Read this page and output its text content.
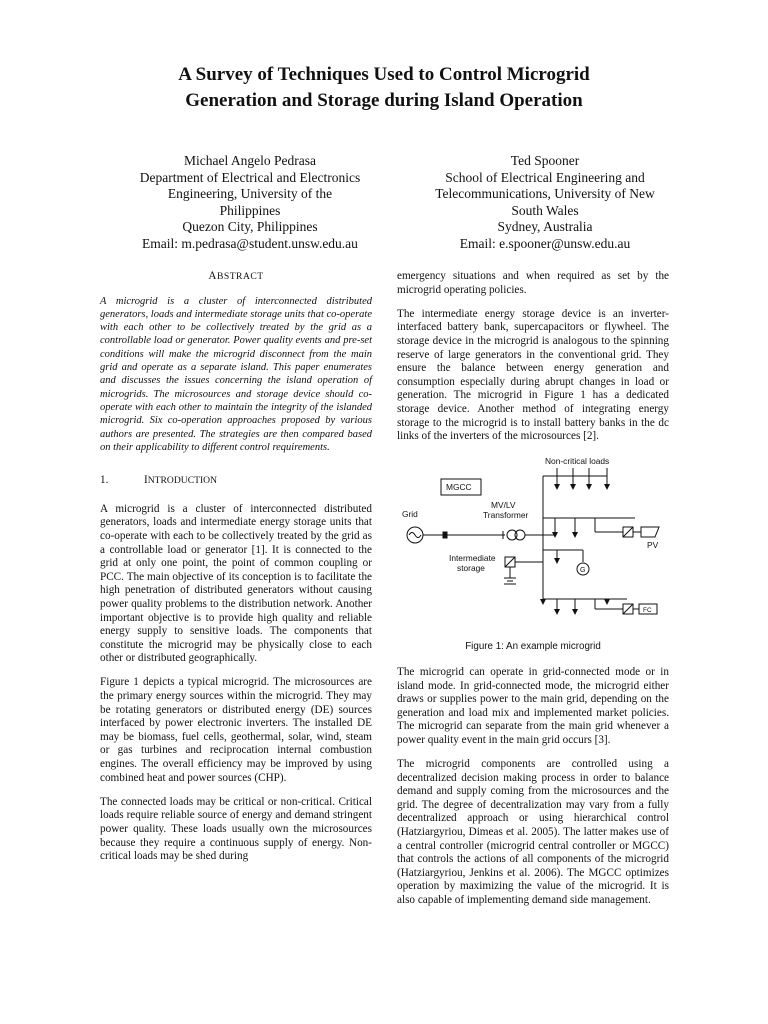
A Survey of Techniques Used to Control Microgrid
Generation and Storage during Island Operation
Michael Angelo Pedrasa
Department of Electrical and Electronics
Engineering, University of the
Philippines
Quezon City, Philippines
Email: m.pedrasa@student.unsw.edu.au
Ted Spooner
School of Electrical Engineering and
Telecommunications, University of New
South Wales
Sydney, Australia
Email: e.spooner@unsw.edu.au
ABSTRACT

A microgrid is a cluster of interconnected distributed generators, loads and intermediate storage units that co-operate with each other to be collectively treated by the grid as a controllable load or generator. Power quality events and pre-set conditions will make the microgrid disconnect from the main grid and operate as a separate island. This paper enumerates and discusses the issues concerning the island operation of microgrids. The microsources and storage device should co-operate with each other to maintain the integrity of the islanded microgrid. Six co-operation approaches proposed by various authors are presented. The strategies are then compared based on their applicability to different control requirements.

1.	INTRODUCTION

A microgrid is a cluster of interconnected distributed generators, loads and intermediate energy storage units that co-operate with each to be collectively treated by the grid as a controllable load or generator [1]. It is connected to the grid at only one point, the point of common coupling or PCC. The main objective of its conception is to facilitate the high penetration of distributed generators without causing power quality problems to the distribution network. Another important objective is to provide high quality and reliable energy supply to sensitive loads. The components that constitute the microgrid may be physically close to each other or distributed geographically.

Figure 1 depicts a typical microgrid. The microsources are the primary energy sources within the microgrid. They may be rotating generators or distributed energy (DE) sources interfaced by power electronic inverters. The installed DE may be biomass, fuel cells, geothermal, solar, wind, steam or gas turbines and reciprocation internal combustion engines. The overall efficiency may be improved by using combined heat and power sources (CHP).

The connected loads may be critical or non-critical. Critical loads require reliable source of energy and demand stringent power quality. These loads usually own the microsources because they require a continuous supply of energy. Non-critical loads may be shed during

emergency situations and when required as set by the microgrid operating policies.

The intermediate energy storage device is an inverter-interfaced battery bank, supercapacitors or flywheel. The storage device in the microgrid is analogous to the spinning reserve of large generators in the conventional grid. They ensure the balance between energy generation and consumption especially during abrupt changes in load or generation. The microgrid in Figure 1 has a dedicated storage device. Another method of integrating energy storage to the microgrid is to install battery banks in the dc links of the inverters of the microsources [2].

Non-critical loads
MGCC
Grid
MV/LV
Transformer
PV
Intermediate
storage	G
FC
Figure 1: An example microgrid

The microgrid can operate in grid-connected mode or in island mode. In grid-connected mode, the microgrid either draws or supplies power to the main grid, depending on the generation and load mix and implemented market policies. The microgrid can separate from the main grid whenever a power quality event in the main grid occurs [3].

The microgrid components are controlled using a decentralized decision making process in order to balance demand and supply coming from the microsources and the grid. The degree of decentralization may vary from a fully decentralized approach or using hierarchical control (Hatziargyriou, Dimeas et al. 2005). The latter makes use of a central controller (microgrid central controller or MGCC) that controls the actions of all components of the microgrid (Hatziargyriou, Jenkins et al. 2006). The MGCC optimizes operation by maximizing the value of the microgrid. It is also capable of implementing demand side management.
